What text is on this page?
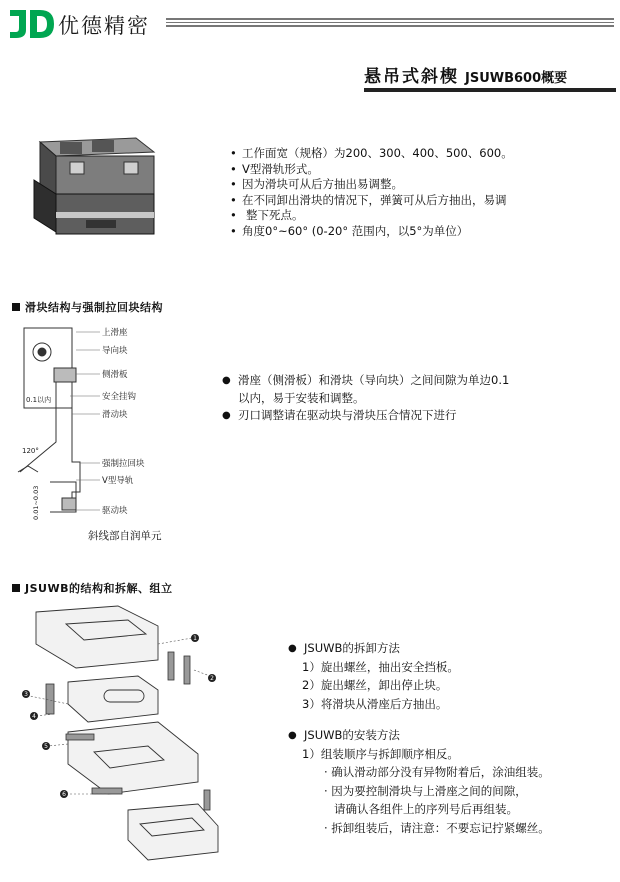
优德精密
悬吊式斜楔 JSUWB600概要
• 工作面宽（规格）为200、300、400、500、600。
• V型滑轨形式。
• 因为滑块可从后方抽出易调整。
• 在不同卸出滑块的情况下，弹簧可从后方抽出，易调
• 整下死点。
• 角度0°~60° (0-20° 范围内，以5°为单位）
滑块结构与强制拉回块结构
上滑座
导向块
侧滑板
安全挂钩
滑动块
强制拉回块
V型导轨
驱动块
0.1以内
120°
0.01~0.03
斜线部自润单元
● 滑座（侧滑板）和滑块（导向块）之间间隙为单边0.1
以内，易于安装和调整。
● 刃口调整请在驱动块与滑块压合情况下进行
JSUWB的结构和拆解、组立
1
2
3
4
5
6
● JSUWB的拆卸方法
1）旋出螺丝，抽出安全挡板。
2）旋出螺丝，卸出停止块。
3）将滑块从滑座后方抽出。
● JSUWB的安装方法
1）组装顺序与拆卸顺序相反。
· 确认滑动部分没有异物附着后，涂油组装。
· 因为要控制滑块与上滑座之间的间隙，
请确认各组件上的序列号后再组装。
· 拆卸组装后，请注意：不要忘记拧紧螺丝。
